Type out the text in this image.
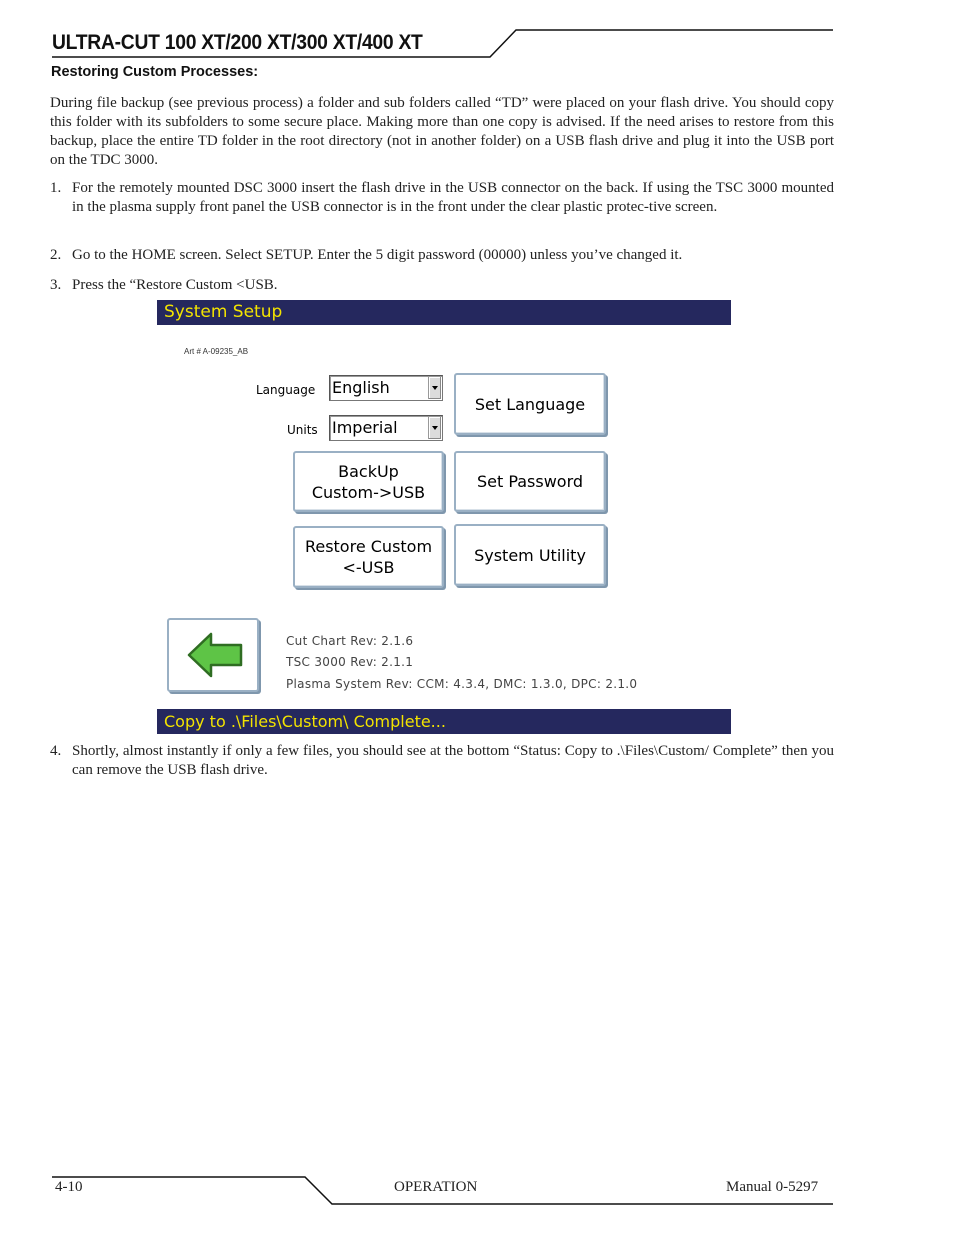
ULTRA-CUT 100 XT/200 XT/300 XT/400 XT
Restoring Custom Processes:
During file backup (see previous process) a folder and sub folders called “TD” were placed on your flash drive. You should copy this folder with its subfolders to some secure place. Making more than one copy is advised. If the need arises to restore from this backup, place the entire TD folder in the root directory (not in another folder) on a USB flash drive and plug it into the USB port on the TDC 3000.
1. For the remotely mounted DSC 3000 insert the flash drive in the USB connector on the back. If using the TSC 3000 mounted in the plasma supply front panel the USB connector is in the front under the clear plastic protec-tive screen.
2. Go to the HOME screen. Select SETUP. Enter the 5 digit password (00000) unless you’ve changed it.
3. Press the “Restore Custom <USB.
System Setup
Art # A-09235_AB
Language English
Units Imperial
Set Language
BackUp
Custom->USB
Set Password
Restore Custom
<-USB
System Utility
Cut Chart Rev: 2.1.6
TSC 3000 Rev: 2.1.1
Plasma System Rev: CCM: 4.3.4, DMC: 1.3.0, DPC: 2.1.0
Copy to .\Files\Custom\ Complete...
4. Shortly, almost instantly if only a few files, you should see at the bottom “Status: Copy to .\Files\Custom/ Complete” then you can remove the USB flash drive.
4-10	OPERATION	Manual 0-5297
